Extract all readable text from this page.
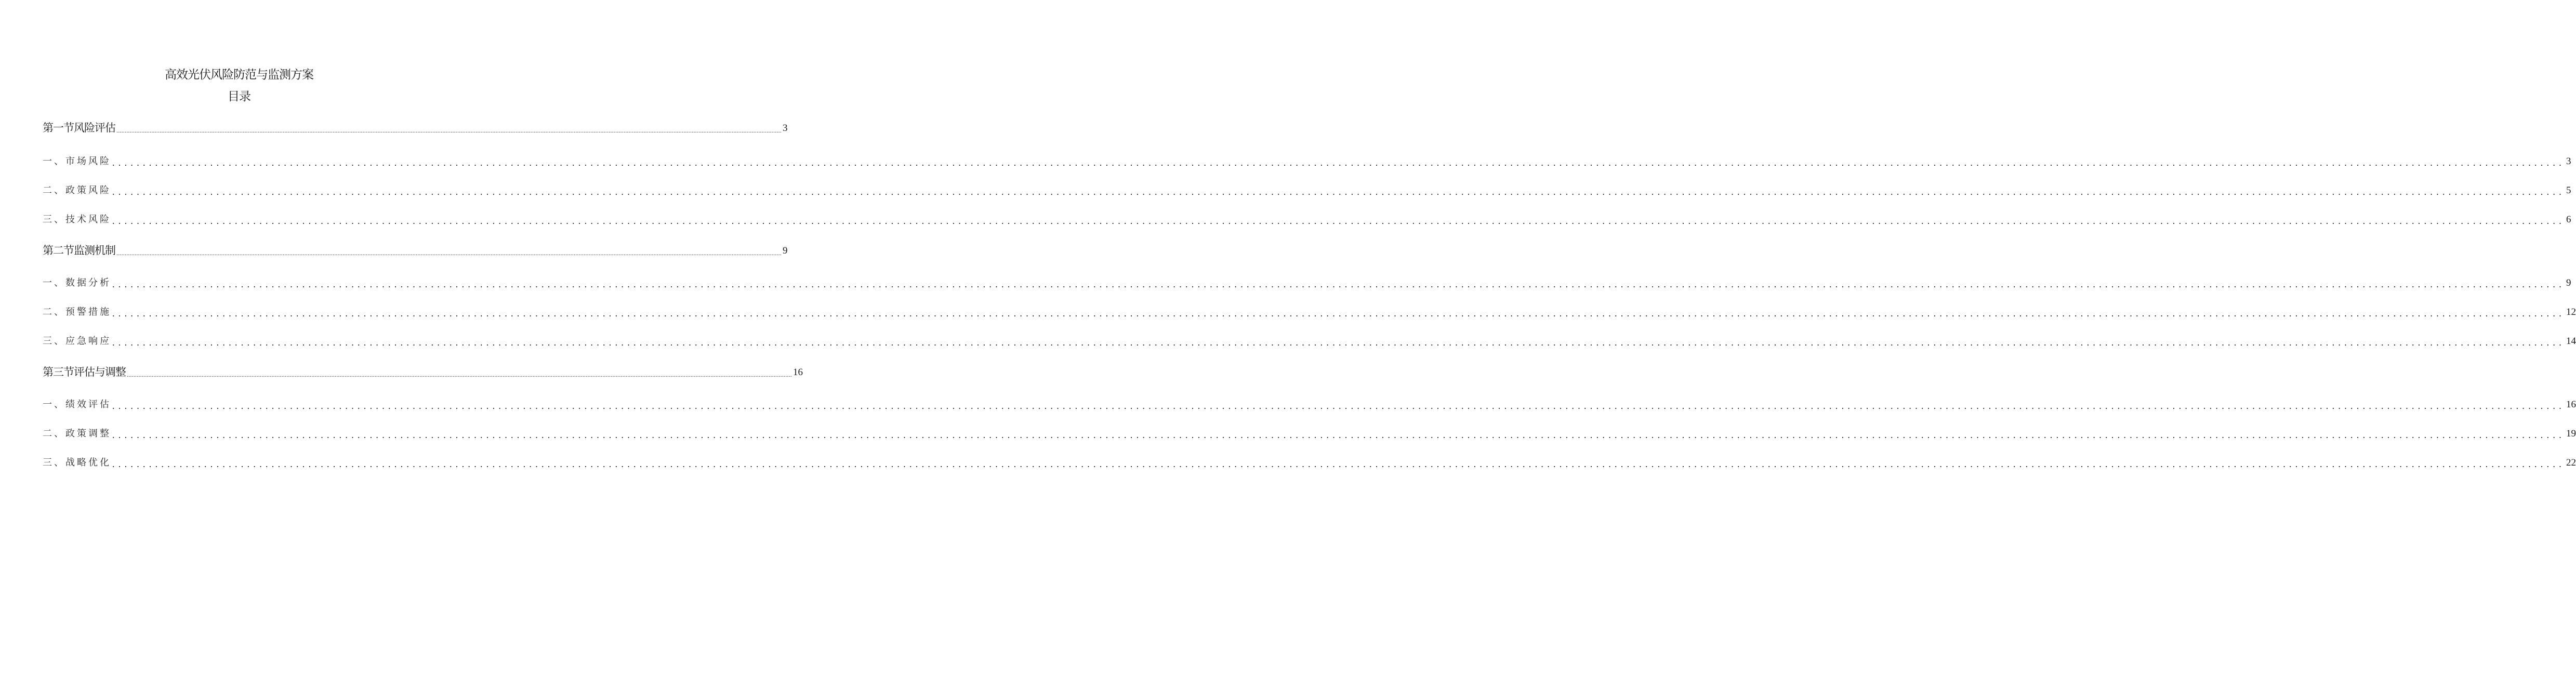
高效光伏风险防范与监测方案
目录
第一节风险评估 ................................................................................................................................................................................................................................................................................................................................................................................................................ 3
一、市场风险 ................................................................................................................................................................................................................................................................................................................................................................................................................ 3
二、政策风险 ................................................................................................................................................................................................................................................................................................................................................................................................................ 5
三、技术风险 ................................................................................................................................................................................................................................................................................................................................................................................................................ 6
第二节监测机制 ................................................................................................................................................................................................................................................................................................................................................................................................................ 9
一、数据分析 ................................................................................................................................................................................................................................................................................................................................................................................................................ 9
二、预警措施 ................................................................................................................................................................................................................................................................................................................................................................................................................ 12
三、应急响应 ................................................................................................................................................................................................................................................................................................................................................................................................................ 14
第三节评估与调整 ................................................................................................................................................................................................................................................................................................................................................................................................................ 16
一、绩效评估 ................................................................................................................................................................................................................................................................................................................................................................................................................ 16
二、政策调整 ................................................................................................................................................................................................................................................................................................................................................................................................................ 19
三、战略优化 ................................................................................................................................................................................................................................................................................................................................................................................................................ 22
